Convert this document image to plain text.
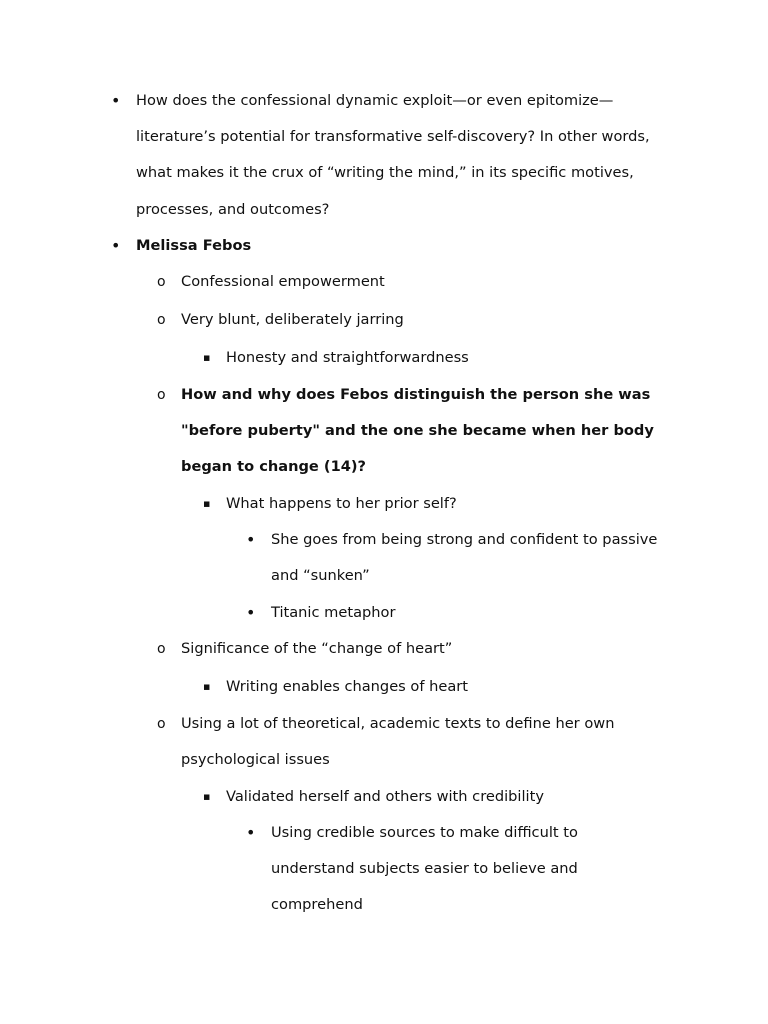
• How does the confessional dynamic exploit—or even epitomize—literature’s potential for transformative self-discovery? In other words, what makes it the crux of “writing the mind,” in its specific motives, processes, and outcomes?
• Melissa Febos
o Confessional empowerment
o Very blunt, deliberately jarring
▪ Honesty and straightforwardness
o How and why does Febos distinguish the person she was "before puberty" and the one she became when her body began to change (14)?
▪ What happens to her prior self?
• She goes from being strong and confident to passive and “sunken”
• Titanic metaphor
o Significance of the “change of heart”
▪ Writing enables changes of heart
o Using a lot of theoretical, academic texts to define her own psychological issues
▪ Validated herself and others with credibility
• Using credible sources to make difficult to understand subjects easier to believe and comprehend
